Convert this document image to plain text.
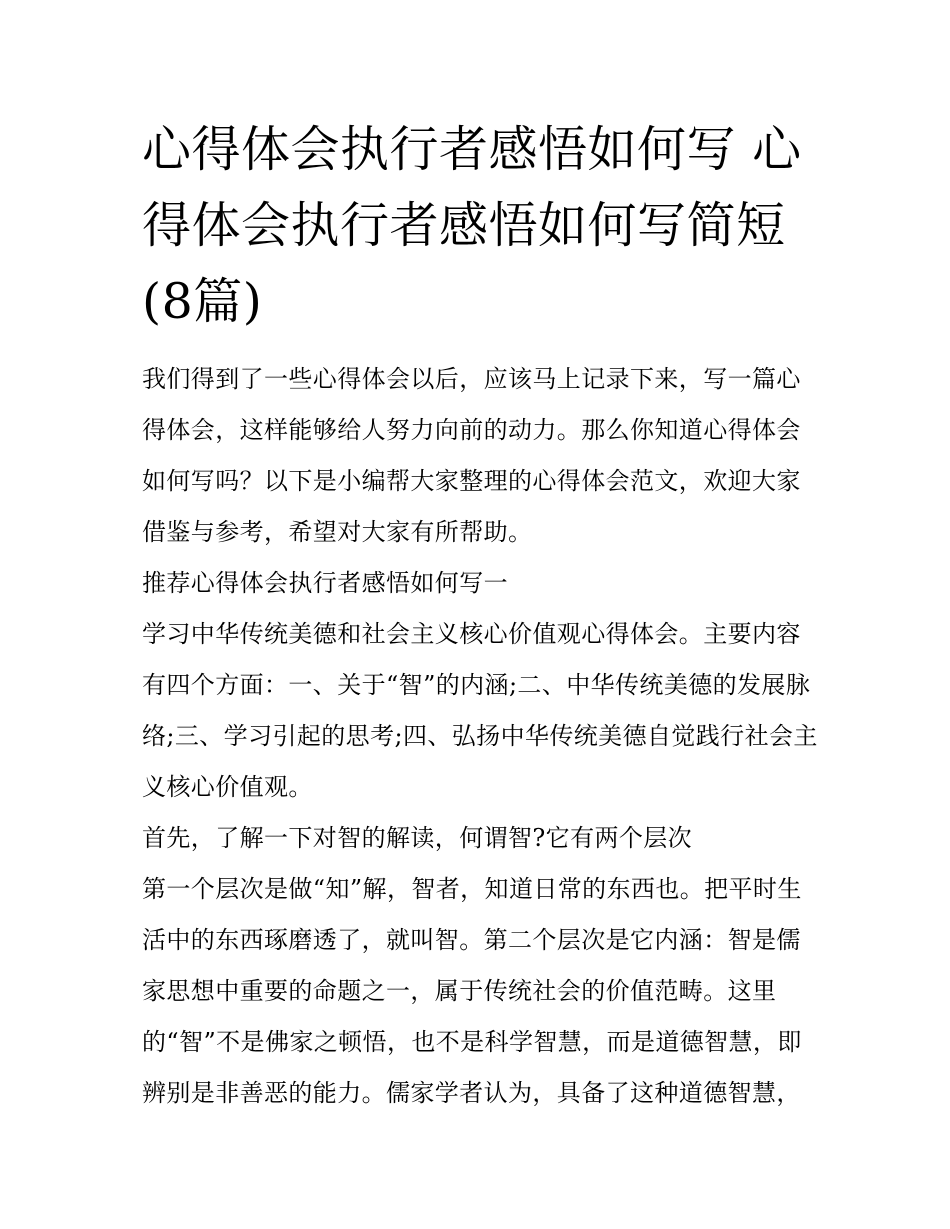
心得体会执行者感悟如何写 心得体会执行者感悟如何写简短(8篇)

我们得到了一些心得体会以后，应该马上记录下来，写一篇心得体会，这样能够给人努力向前的动力。那么你知道心得体会如何写吗？以下是小编帮大家整理的心得体会范文，欢迎大家借鉴与参考，希望对大家有所帮助。

推荐心得体会执行者感悟如何写一

学习中华传统美德和社会主义核心价值观心得体会。主要内容有四个方面：一、关于“智”的内涵;二、中华传统美德的发展脉络;三、学习引起的思考;四、弘扬中华传统美德自觉践行社会主义核心价值观。

首先，了解一下对智的解读，何谓智?它有两个层次

第一个层次是做“知”解，智者，知道日常的东西也。把平时生活中的东西琢磨透了，就叫智。第二个层次是它内涵：智是儒家思想中重要的命题之一，属于传统社会的价值范畴。这里的“智”不是佛家之顿悟，也不是科学智慧，而是道德智慧，即辨别是非善恶的能力。儒家学者认为，具备了这种道德智慧，
